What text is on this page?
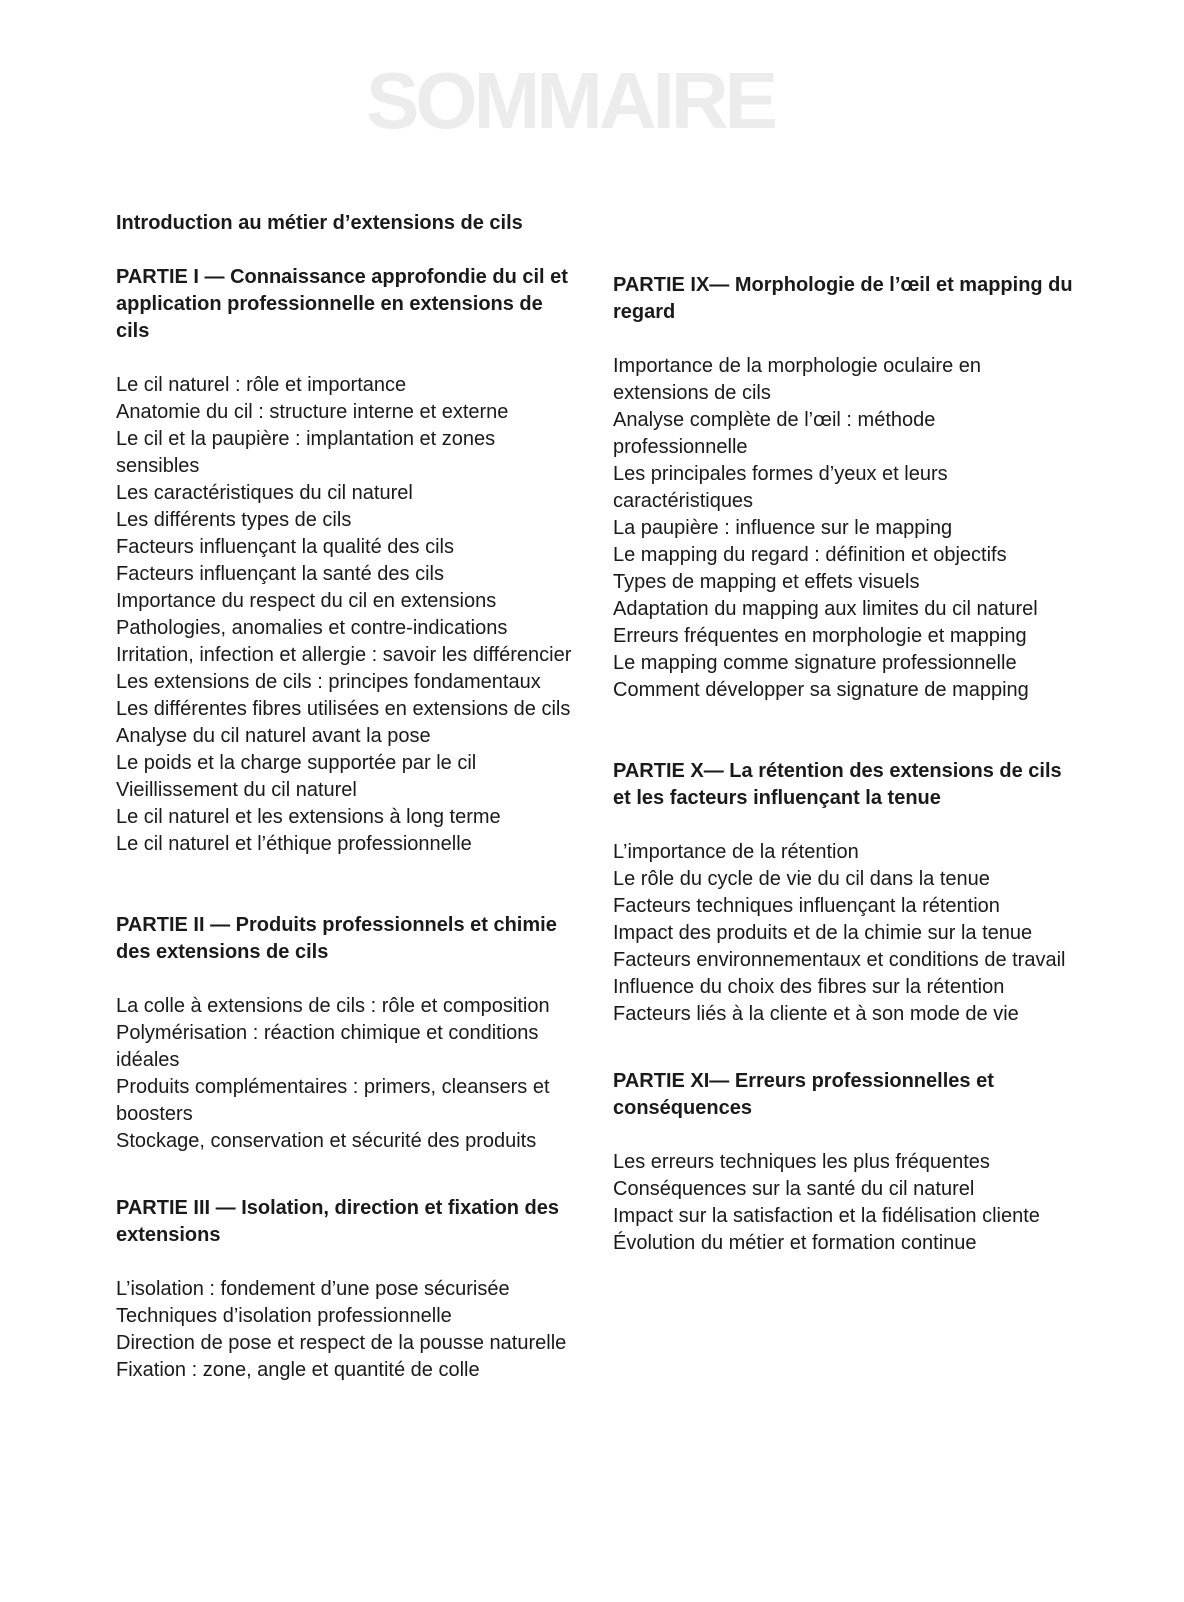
SOMMAIRE
Introduction au métier d’extensions de cils
PARTIE I — Connaissance approfondie du cil et application professionnelle en extensions de cils
Le cil naturel : rôle et importance
Anatomie du cil : structure interne et externe
Le cil et la paupière : implantation et zones sensibles
Les caractéristiques du cil naturel
Les différents types de cils
Facteurs influençant la qualité des cils
Facteurs influençant la santé des cils
Importance du respect du cil en extensions
Pathologies, anomalies et contre-indications
Irritation, infection et allergie : savoir les différencier
Les extensions de cils : principes fondamentaux
Les différentes fibres utilisées en extensions de cils
Analyse du cil naturel avant la pose
Le poids et la charge supportée par le cil
Vieillissement du cil naturel
Le cil naturel et les extensions à long terme
Le cil naturel et l’éthique professionnelle
PARTIE II — Produits professionnels et chimie des extensions de cils
La colle à extensions de cils : rôle et composition
Polymérisation : réaction chimique et conditions idéales
Produits complémentaires : primers, cleansers et boosters
Stockage, conservation et sécurité des produits
PARTIE III — Isolation, direction et fixation des extensions
L’isolation : fondement d’une pose sécurisée
Techniques d’isolation professionnelle
Direction de pose et respect de la pousse naturelle
Fixation : zone, angle et quantité de colle
PARTIE IX— Morphologie de l’œil et mapping du regard
Importance de la morphologie oculaire en extensions de cils
Analyse complète de l’œil : méthode professionnelle
Les principales formes d’yeux et leurs caractéristiques
La paupière : influence sur le mapping
Le mapping du regard : définition et objectifs
Types de mapping et effets visuels
Adaptation du mapping aux limites du cil naturel
Erreurs fréquentes en morphologie et mapping
Le mapping comme signature professionnelle
Comment développer sa signature de mapping
PARTIE X— La rétention des extensions de cils et les facteurs influençant la tenue
L’importance de la rétention
Le rôle du cycle de vie du cil dans la tenue
Facteurs techniques influençant la rétention
Impact des produits et de la chimie sur la tenue
Facteurs environnementaux et conditions de travail
Influence du choix des fibres sur la rétention
Facteurs liés à la cliente et à son mode de vie
PARTIE XI— Erreurs professionnelles et conséquences
Les erreurs techniques les plus fréquentes
Conséquences sur la santé du cil naturel
Impact sur la satisfaction et la fidélisation cliente
Évolution du métier et formation continue
